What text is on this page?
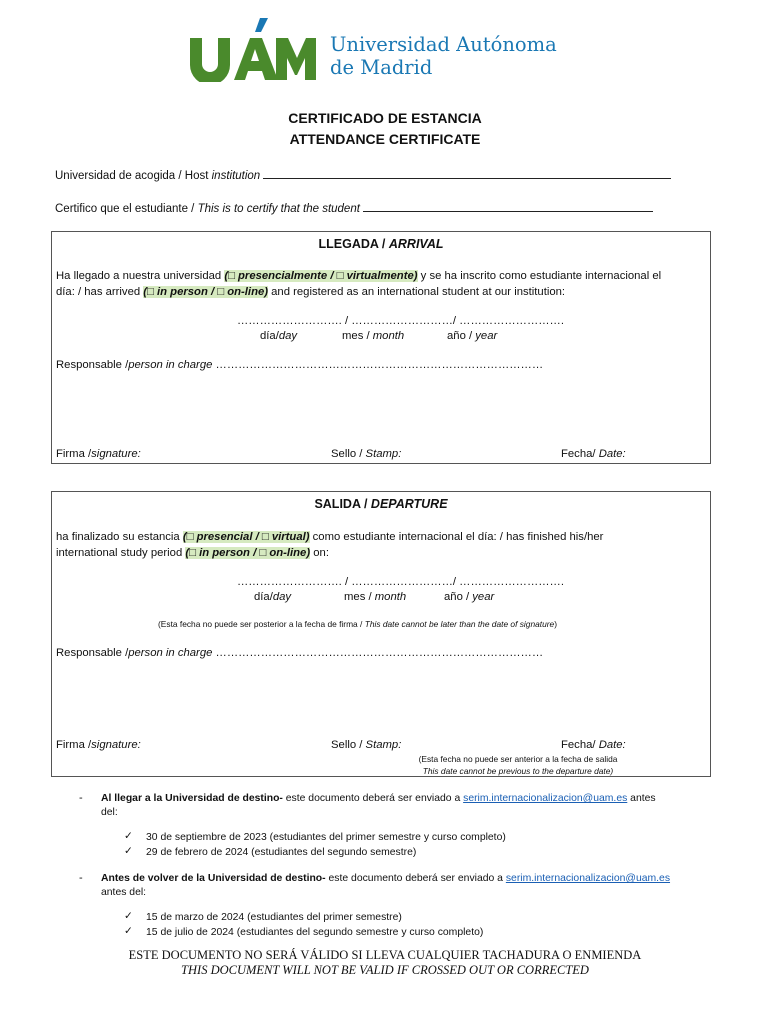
Universidad Autónoma
de Madrid
CERTIFICADO DE ESTANCIA
ATTENDANCE CERTIFICATE
Universidad de acogida / Host institution
Certifico que el estudiante / This is to certify that the student
LLEGADA / ARRIVAL
Ha llegado a nuestra universidad (□ presencialmente / □ virtualmente) y se ha inscrito como estudiante internacional el
día: / has arrived (□ in person / □ on-line) and registered as an international student at our institution:
………………………. / ………………………/ ……………………….
día/day	mes / month	año / year
Responsable /person in charge ……………………………………………………………………………
Firma /signature:	Sello / Stamp:	Fecha/ Date:
SALIDA / DEPARTURE
ha finalizado su estancia (□ presencial / □ virtual) como estudiante internacional el día: / has finished his/her
international study period (□ in person / □ on-line) on:
………………………. / ………………………/ ……………………….
día/day	mes / month	año / year
(Esta fecha no puede ser posterior a la fecha de firma / This date cannot be later than the date of signature)
Responsable /person in charge ……………………………………………………………………………
Firma /signature:	Sello / Stamp:	Fecha/ Date:
(Esta fecha no puede ser anterior a la fecha de salida
This date cannot be previous to the departure date)
- Al llegar a la Universidad de destino- este documento deberá ser enviado a serim.internacionalizacion@uam.es antes
del:
✓ 30 de septiembre de 2023 (estudiantes del primer semestre y curso completo)
✓ 29 de febrero de 2024 (estudiantes del segundo semestre)
- Antes de volver de la Universidad de destino- este documento deberá ser enviado a serim.internacionalizacion@uam.es
antes del:
✓ 15 de marzo de 2024 (estudiantes del primer semestre)
✓ 15 de julio de 2024 (estudiantes del segundo semestre y curso completo)
ESTE DOCUMENTO NO SERÁ VÁLIDO SI LLEVA CUALQUIER TACHADURA O ENMIENDA
THIS DOCUMENT WILL NOT BE VALID IF CROSSED OUT OR CORRECTED
